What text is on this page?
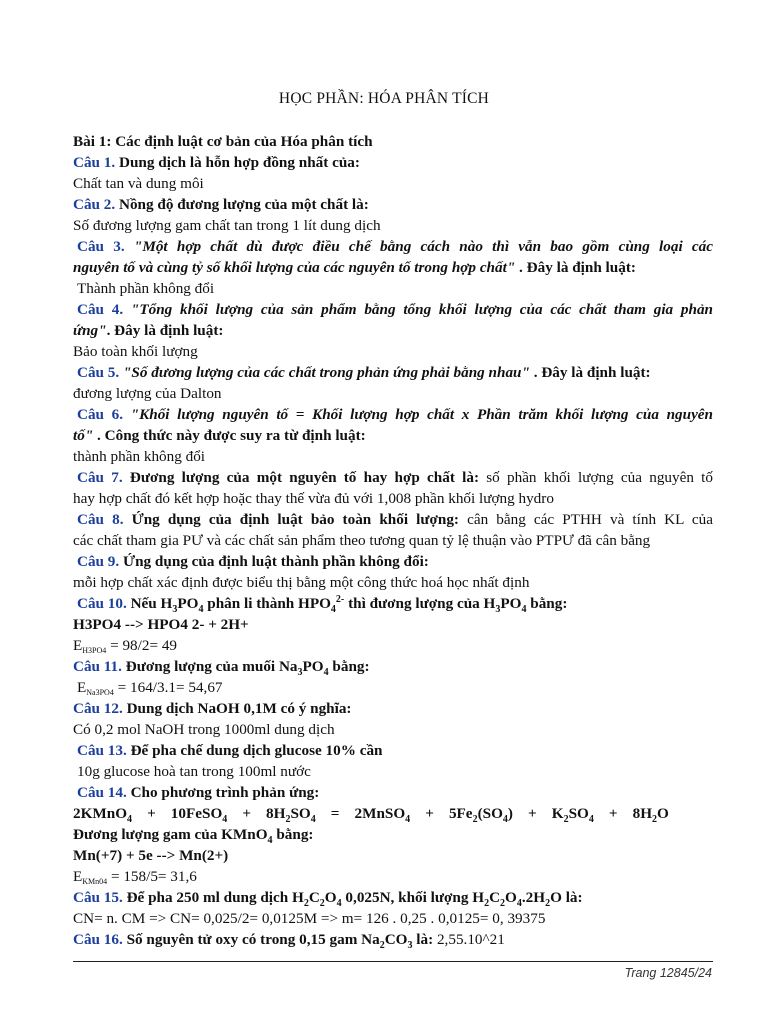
HỌC PHẦN: HÓA PHÂN TÍCH
Bài 1: Các định luật cơ bản của Hóa phân tích
Câu 1. Dung dịch là hỗn hợp đồng nhất của:
Chất tan và dung môi
Câu 2. Nồng độ đương lượng của một chất là:
Số đương lượng gam chất tan trong 1 lít dung dịch
Câu 3. "Một hợp chất dù được điều chế bằng cách nào thì vẫn bao gồm cùng loại các
nguyên tố và cùng tỷ số khối lượng của các nguyên tố trong hợp chất" . Đây là định luật:
Thành phần không đổi
Câu 4. "Tổng khối lượng của sản phẩm bằng tổng khối lượng của các chất tham gia phản
ứng". Đây là định luật:
Bảo toàn khối lượng
Câu 5. "Số đương lượng của các chất trong phản ứng phải bằng nhau" . Đây là định luật:
đương lượng của Dalton
Câu 6. "Khối lượng nguyên tố = Khối lượng hợp chất x Phần trăm khối lượng của nguyên
tố" . Công thức này được suy ra từ định luật:
thành phần không đổi
Câu 7. Đương lượng của một nguyên tố hay hợp chất là: số phần khối lượng của nguyên tố
hay hợp chất đó kết hợp hoặc thay thế vừa đủ với 1,008 phần khối lượng hydro
Câu 8. Ứng dụng của định luật bảo toàn khối lượng: cân bằng các PTHH và tính KL của
các chất tham gia PƯ và các chất sản phẩm theo tương quan tỷ lệ thuận vào PTPƯ đã cân bằng
Câu 9. Ứng dụng của định luật thành phần không đổi:
mỗi hợp chất xác định được biểu thị bằng một công thức hoá học nhất định
Câu 10. Nếu $H_3PO_4$ phân li thành $HPO_4^{2-}$ thì đương lượng của $H_3PO_4$ bằng:
H3PO4 --> HPO4 2- + 2H+
EH3PO4 = 98/2= 49
Câu 11. Đương lượng của muối $Na_3PO_4$ bằng:
ENa3PO4 = 164/3.1= 54,67
Câu 12. Dung dịch NaOH 0,1M có ý nghĩa:
Có 0,2 mol NaOH trong 1000ml dung dịch
Câu 13. Để pha chế dung dịch glucose 10% cần
10g glucose hoà tan trong 100ml nước
Câu 14. Cho phương trình phản ứng:
2KMnO$_4$ + 10FeSO$_4$ + $8H_2SO_4$ = 2MnSO$_4$ + $5Fe_2(SO_4) + K_2SO_4 + 8H_2O$
Đương lượng gam của KMnO$_4$ bằng:
Mn(+7) + 5e --> Mn(2+)
EKMn04 = 158/5= 31,6
Câu 15. Để pha 250 ml dung dịch $H_2C_2O_4$ 0,025N, khối lượng $H_2C_2O_4.2H_2O$ là:
CN= n. CM => CN= 0,025/2= 0,0125M => m= 126 . 0,25 . 0,0125= 0, 39375
Câu 16. Số nguyên tử oxy có trong 0,15 gam $Na_2CO_3$ là: 2,55.10^21
Trang 12845/24
